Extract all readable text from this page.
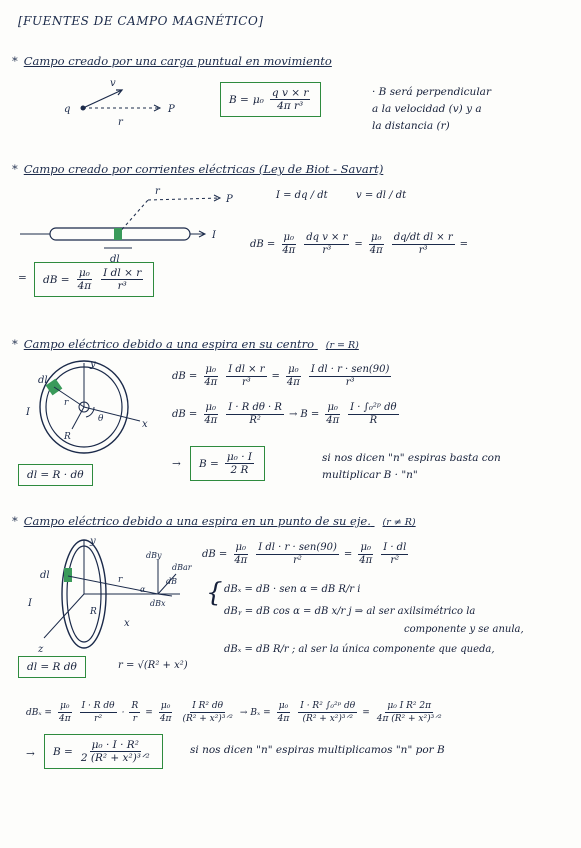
[FUENTES DE CAMPO MAGNÉTICO]
* Campo creado por una carga puntual en movimiento
q
v
r
P
$B = \mu_0 \frac{\text{q v × r}}{\text{4π r³}}$	· B será perpendicular
a la velocidad (v) y a
la distancia (r)
* Campo creado por corrientes eléctricas (Ley de Biot - Savart)
r
P
dl
I
I = dq / dt	v = dl / dt
dB = $\frac{\text{μ₀}}{4\pi} \frac{\text{dq v × r}}{\text{r³}} = \frac{\text{μ₀}}{4\pi} \frac{\text{dq/dt dl × r}}{\text{r³}}$ =
= dB = $\frac{\text{μ₀}}{4\pi} \frac{\text{I dl × r}}{\text{r³}}$
* Campo eléctrico debido a una espira en su centro (r = R)
dl
y
x
r
R
I
θ
dB = $\frac{\text{μ₀}}{4\pi} \frac{\text{I dl × r}}{\text{r³}} = \frac{\text{μ₀}}{4\pi} \frac{\text{I dl · r · sen(90)}}{\text{r³}}$
dB = $\frac{\text{μ₀}}{4\pi} \frac{\text{I · R dθ · R}}{\text{R²}} \to B = \frac{\text{μ₀}}{4\pi} \frac{\text{I · ∫₀²ᵖ dθ}}{R}$
→ $B = \frac{\text{μ₀ · I}}{2 R}$	si nos dicen "n" espiras basta con
multiplicar B · "n"
dl = R · dθ
* Campo eléctrico debido a una espira en un punto de su eje. (r ≠ R)
dl
y
x
z
r
R
I
dBy
dBx
dBar
dB
α
dB = $\frac{\text{μ₀}}{4\pi} \frac{\text{I dl · r · sen(90)}}{\text{r²}} = \frac{\text{μ₀}}{4\pi} \frac{I \cdot dl}{\text{r²}}$
{ dBₓ = dB · sen α = dB R/r i
dBᵧ = dB cos α = dB x/r j ⇒ al ser axilsimétrico la
componente y se anula,
dBₓ = dB R/r ; al ser la única componente que queda,
dl = R dθ	r = √(R² + x²)
$dB_x = \frac{\text{μ₀}}{4\pi} \frac{\text{I · R dθ}}{\text{r²}} \cdot \frac{R}{r} = \frac{\text{μ₀}}{4\pi} \frac{\text{I R² dθ}}{\text{(R² + x²)³ᐟ²}} \to B_x = \frac{\text{μ₀}}{4\pi} \frac{\text{I · R² ∫₀²ᵖ dθ}}{\text{(R² + x²)³ᐟ²}} = \frac{\text{μ₀ I R² 2π}}{\text{4π (R² + x²)³ᐟ²}}$
→ $B = \frac{\text{μ₀ · I · R²}}{\text{2 (R² + x²)³ᐟ²}}$	si nos dicen "n" espiras multiplicamos "n" por B
